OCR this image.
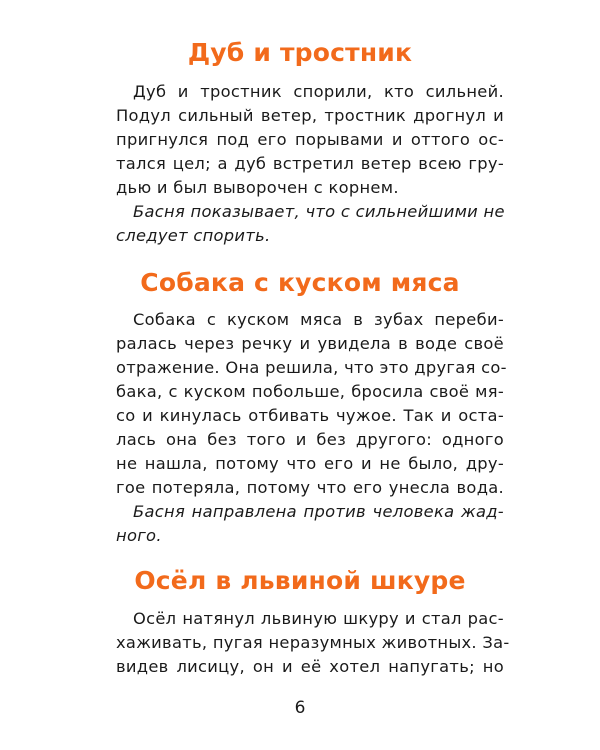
Дуб и тростник
Дуб и тростник спорили, кто сильней.
Подул сильный ветер, тростник дрогнул и
пригнулся под его порывами и оттого ос-
тался цел; а дуб встретил ветер всею гру-
дью и был выворочен с корнем.
Басня показывает, что с сильнейшими не
следует спорить.
Собака с куском мяса
Собака с куском мяса в зубах переби-
ралась через речку и увидела в воде своё
отражение. Она решила, что это другая со-
бака, с куском побольше, бросила своё мя-
со и кинулась отбивать чужое. Так и оста-
лась она без того и без другого: одного
не нашла, потому что его и не было, дру-
гое потеряла, потому что его унесла вода.
Басня направлена против человека жад-
ного.
Осёл в львиной шкуре
Осёл натянул львиную шкуру и стал рас-
хаживать, пугая неразумных животных. За-
видев лисицу, он и её хотел напугать; но
6
